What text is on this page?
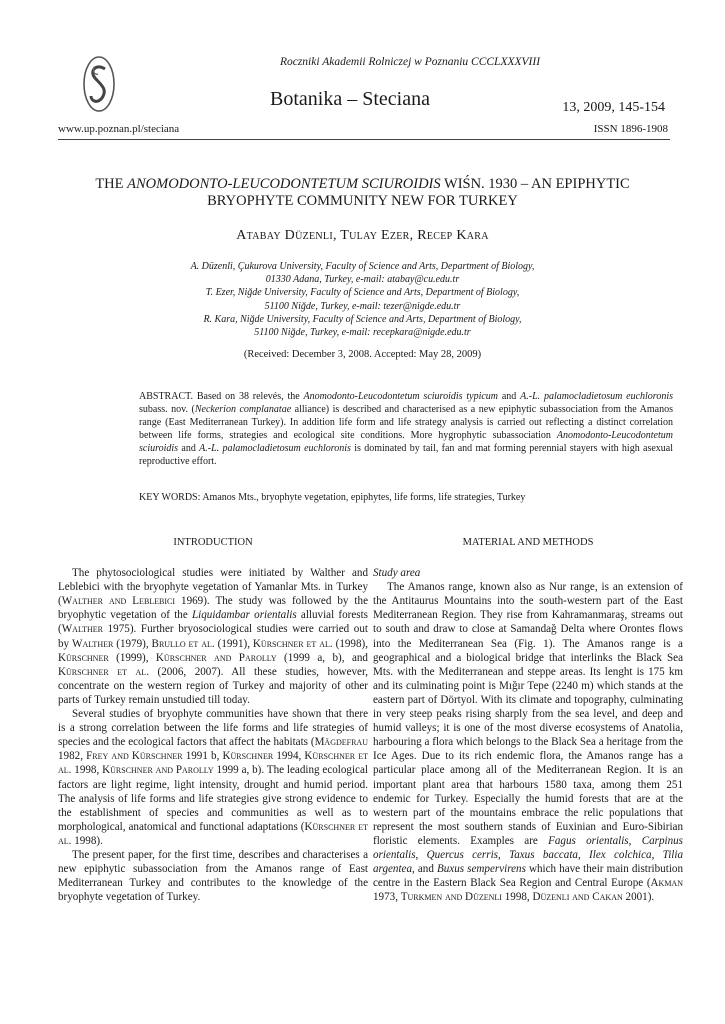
Roczniki Akademii Rolniczej w Poznaniu CCCLXXXVIII
Botanika – Steciana	13, 2009, 145-154
www.up.poznan.pl/steciana	ISSN 1896-1908
THE ANOMODONTO-LEUCODONTETUM SCIUROIDIS WIŚN. 1930 – AN EPIPHYTIC
BRYOPHYTE COMMUNITY NEW FOR TURKEY
Atabay Düzenli, Tulay Ezer, Recep Kara
A. Düzenli, Çukurova University, Faculty of Science and Arts, Department of Biology,
01330 Adana, Turkey, e-mail: atabay@cu.edu.tr
T. Ezer, Niğde University, Faculty of Science and Arts, Department of Biology,
51100 Niğde, Turkey, e-mail: tezer@nigde.edu.tr
R. Kara, Niğde University, Faculty of Science and Arts, Department of Biology,
51100 Niğde, Turkey, e-mail: recepkara@nigde.edu.tr
(Received: December 3, 2008. Accepted: May 28, 2009)
ABSTRACT. Based on 38 relevés, the Anomodonto-Leucodontetum sciuroidis typicum and A.-L. palamocladietosum euchloronis subass. nov. (Neckerion complanatae alliance) is described and characterised as a new epiphytic subassociation from the Amanos range (East Mediterranean Turkey). In addition life form and life strategy analysis is carried out reflecting a distinct correlation between life forms, strategies and ecological site conditions. More hygrophytic subassociation Anomodonto-Leucodontetum sciuroidis and A.-L. palamocladietosum euchloronis is dominated by tail, fan and mat forming perennial stayers with high asexual reproductive effort.
KEY WORDS: Amanos Mts., bryophyte vegetation, epiphytes, life forms, life strategies, Turkey
INTRODUCTION

The phytosociological studies were initiated by Walther and Leblebici with the bryophyte vegetation of Yamanlar Mts. in Turkey (Walther and Leblebici 1969). The study was followed by the bryophytic vegetation of the Liquidambar orientalis alluvial forests (Walther 1975). Further bryosociological studies were carried out by Walther (1979), Brullo et al. (1991), Kürschner et al. (1998), Kürschner (1999), Kürschner and Parolly (1999 a, b), and Kürschner et al. (2006, 2007). All these studies, however, concentrate on the western region of Turkey and majority of other parts of Turkey remain unstudied till today.

Several studies of bryophyte communities have shown that there is a strong correlation between the life forms and life strategies of species and the ecological factors that affect the habitats (Mägdefrau 1982, Frey and Kürschner 1991 b, Kürschner 1994, Kürschner et al. 1998, Kürschner and Parolly 1999 a, b). The leading ecological factors are light regime, light intensity, drought and humid period. The analysis of life forms and life strategies give strong evidence to the establishment of species and communities as well as to morphological, anatomical and functional adaptations (Kürschner et al. 1998).

The present paper, for the first time, describes and characterises a new epiphytic subassociation from the Amanos range of East Mediterranean Turkey and contributes to the knowledge of the bryophyte vegetation of Turkey.

MATERIAL AND METHODS
Study area

The Amanos range, known also as Nur range, is an extension of the Antitaurus Mountains into the south-western part of the East Mediterranean Region. They rise from Kahramanmaraş, streams out to south and draw to close at Samandağ Delta where Orontes flows into the Mediterranean Sea (Fig. 1). The Amanos range is a geographical and a biological bridge that interlinks the Black Sea Mts. with the Mediterranean and steppe areas. Its lenght is 175 km and its culminating point is Mığır Tepe (2240 m) which stands at the eastern part of Dörtyol. With its climate and topography, culminating in very steep peaks rising sharply from the sea level, and deep and humid valleys; it is one of the most diverse ecosystems of Anatolia, harbouring a flora which belongs to the Black Sea a heritage from the Ice Ages. Due to its rich endemic flora, the Amanos range has a particular place among all of the Mediterranean Region. It is an important plant area that harbours 1580 taxa, among them 251 endemic for Turkey. Especially the humid forests that are at the western part of the mountains embrace the relic populations that represent the most southern stands of Euxinian and Euro-Sibirian floristic elements. Examples are Fagus orientalis, Carpinus orientalis, Quercus cerris, Taxus baccata, Ilex colchica, Tilia argentea, and Buxus sempervirens which have their main distribution centre in the Eastern Black Sea Region and Central Europe (Akman 1973, Turkmen and Düzenli 1998, Düzenli and Cakan 2001).
